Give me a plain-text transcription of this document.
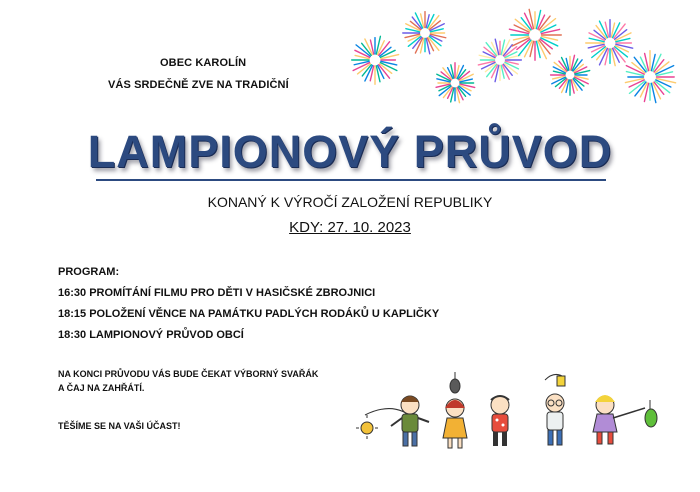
OBEC KAROLÍN
VÁS SRDEČNĚ ZVE NA TRADIČNÍ
LAMPIONOVÝ PRŮVOD
KONANÝ K VÝROČÍ ZALOŽENÍ REPUBLIKY
KDY: 27. 10. 2023
PROGRAM:
16:30 PROMÍTÁNÍ FILMU PRO DĚTI V HASIČSKÉ ZBROJNICI
18:15 POLOŽENÍ VĚNCE NA PAMÁTKU PADLÝCH RODÁKŮ U KAPLIČKY
18:30 LAMPIONOVÝ PRŮVOD OBCÍ
NA KONCI PRŮVODU VÁS BUDE ČEKAT VÝBORNÝ SVAŘÁK
A ČAJ NA ZAHŘÁTÍ.
TĚŠÍME SE NA VAŠI ÚČAST!
